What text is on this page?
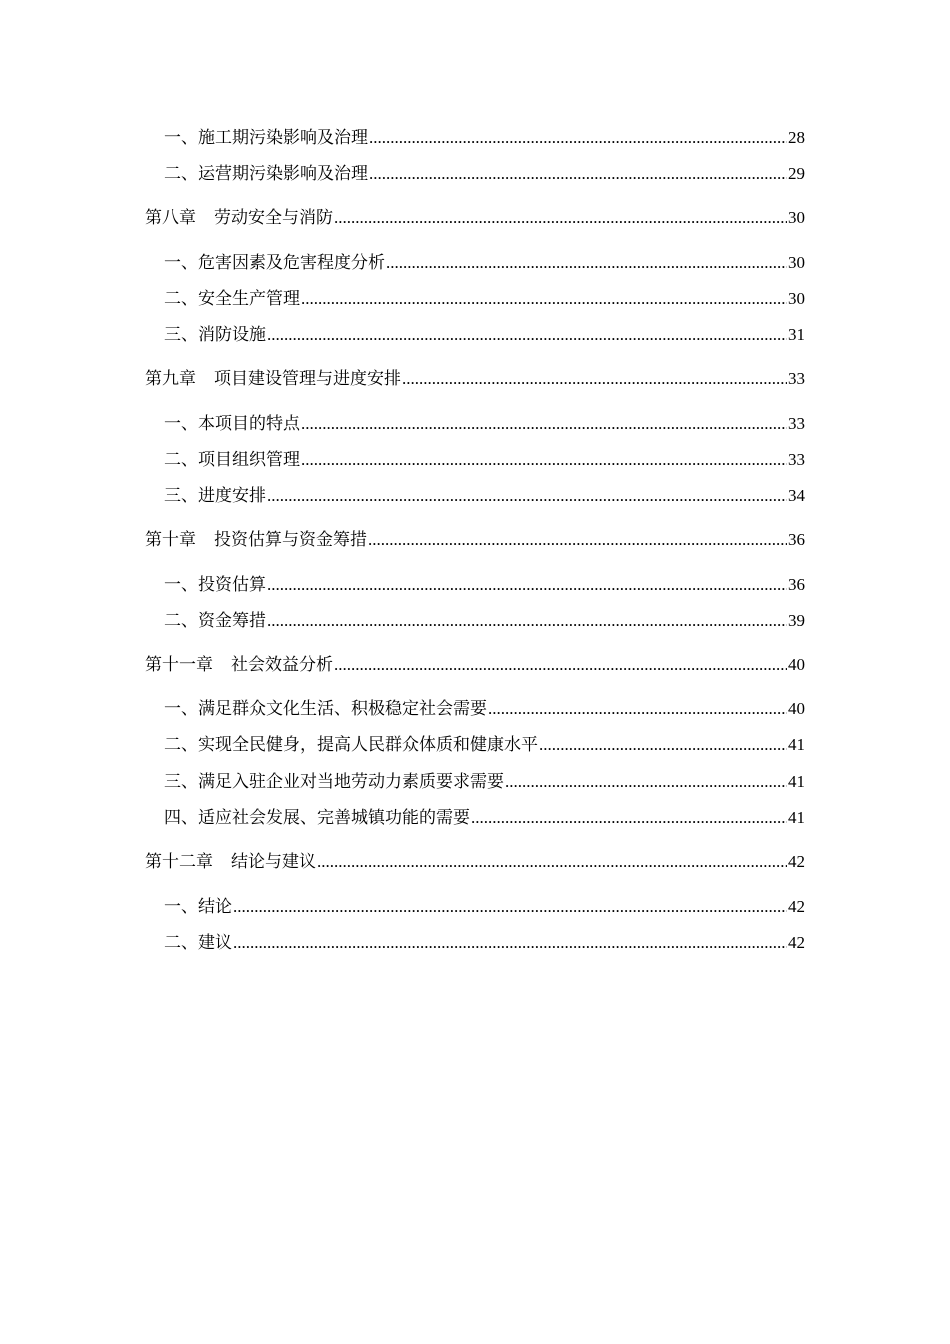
一、施工期污染影响及治理 .....	28
二、运营期污染影响及治理 .....	29
第八章 劳动安全与消防 .....	30
一、危害因素及危害程度分析 .....	30
二、安全生产管理 .....	30
三、消防设施 .....	31
第九章 项目建设管理与进度安排 .....	33
一、本项目的特点 .....	33
二、项目组织管理 .....	33
三、进度安排 .....	34
第十章 投资估算与资金筹措 .....	36
一、投资估算 .....	36
二、资金筹措 .....	39
第十一章 社会效益分析 .....	40
一、满足群众文化生活、积极稳定社会需要 .....	40
二、实现全民健身，提高人民群众体质和健康水平 .....	41
三、满足入驻企业对当地劳动力素质要求需要 .....	41
四、适应社会发展、完善城镇功能的需要 .....	41
第十二章 结论与建议 .....	42
一、结论 .....	42
二、建议 .....	42
